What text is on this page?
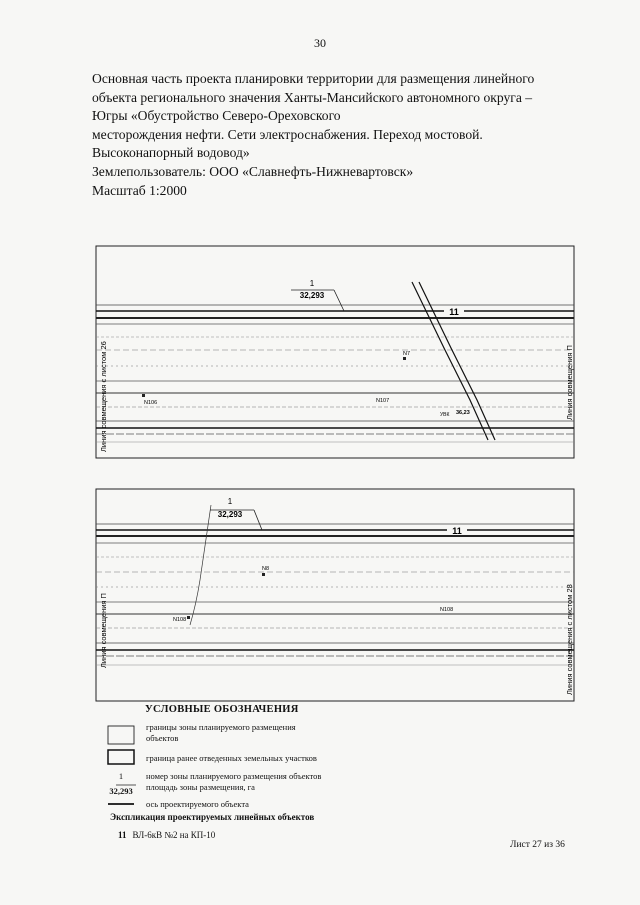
30
Основная часть проекта планировки территории для размещения линейного
объекта регионального значения Ханты-Мансийского автономного округа –
Югры «Обустройство Северо-Ореховского
месторождения нефти. Сети электроснабжения. Переход мостовой.
Высоконапорный водовод»
Землепользователь: ООО «Славнефть-Нижневартовск»
Масштаб 1:2000
1
32,293
11
N7
N107
N106
УВК 36,23
Линия совмещения с листом 26	Линия совмещения П
1
32,293
11
N8
N108
N108
Линия совмещения П	Линия совмещения с листом 28
УСЛОВНЫЕ ОБОЗНАЧЕНИЯ
границы зоны планируемого размещения
объектов
граница ранее отведенных земельных участков
1
32,293
номер зоны планируемого размещения объектов
площадь зоны размещения, га
ось проектируемого объекта
Экспликация проектируемых линейных объектов
11 ВЛ-6кВ №2 на КП-10
Лист 27 из 36
